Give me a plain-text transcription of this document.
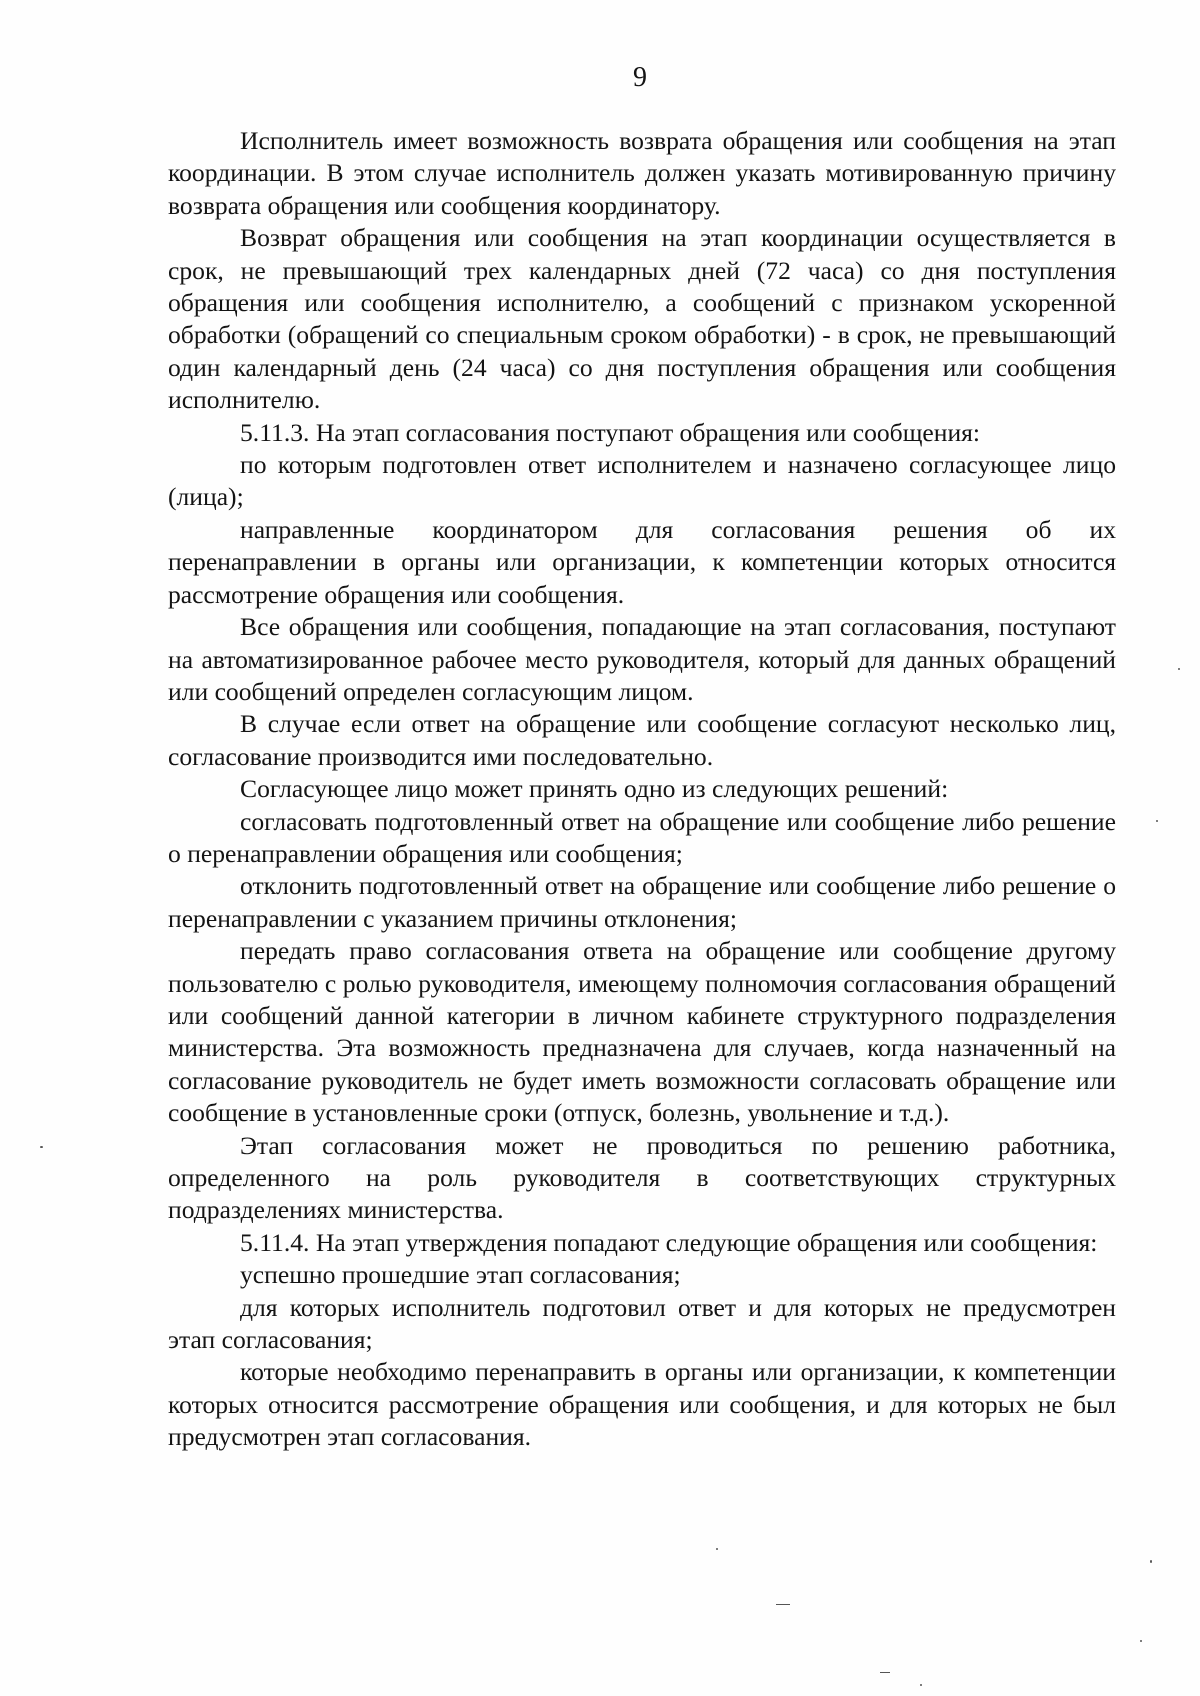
9

Исполнитель имеет возможность возврата обращения или сообщения на этап координации. В этом случае исполнитель должен указать мотивированную причину возврата обращения или сообщения координатору.

Возврат обращения или сообщения на этап координации осуществляется в срок, не превышающий трех календарных дней (72 часа) со дня поступления обращения или сообщения исполнителю, а сообщений с признаком ускоренной обработки (обращений со специальным сроком обработки) - в срок, не превышающий один календарный день (24 часа) со дня поступления обращения или сообщения исполнителю.

5.11.3. На этап согласования поступают обращения или сообщения:

по которым подготовлен ответ исполнителем и назначено согласующее лицо (лица);

направленные координатором для согласования решения об их перенаправлении в органы или организации, к компетенции которых относится рассмотрение обращения или сообщения.

Все обращения или сообщения, попадающие на этап согласования, поступают на автоматизированное рабочее место руководителя, который для данных обращений или сообщений определен согласующим лицом.

В случае если ответ на обращение или сообщение согласуют несколько лиц, согласование производится ими последовательно.

Согласующее лицо может принять одно из следующих решений:

согласовать подготовленный ответ на обращение или сообщение либо решение о перенаправлении обращения или сообщения;

отклонить подготовленный ответ на обращение или сообщение либо решение о перенаправлении с указанием причины отклонения;

передать право согласования ответа на обращение или сообщение другому пользователю с ролью руководителя, имеющему полномочия согласования обращений или сообщений данной категории в личном кабинете структурного подразделения министерства. Эта возможность предназначена для случаев, когда назначенный на согласование руководитель не будет иметь возможности согласовать обращение или сообщение в установленные сроки (отпуск, болезнь, увольнение и т.д.).

Этап согласования может не проводиться по решению работника, определенного на роль руководителя в соответствующих структурных подразделениях министерства.

5.11.4. На этап утверждения попадают следующие обращения или сообщения:

успешно прошедшие этап согласования;

для которых исполнитель подготовил ответ и для которых не предусмотрен этап согласования;

которые необходимо перенаправить в органы или организации, к компетенции которых относится рассмотрение обращения или сообщения, и для которых не был предусмотрен этап согласования.
